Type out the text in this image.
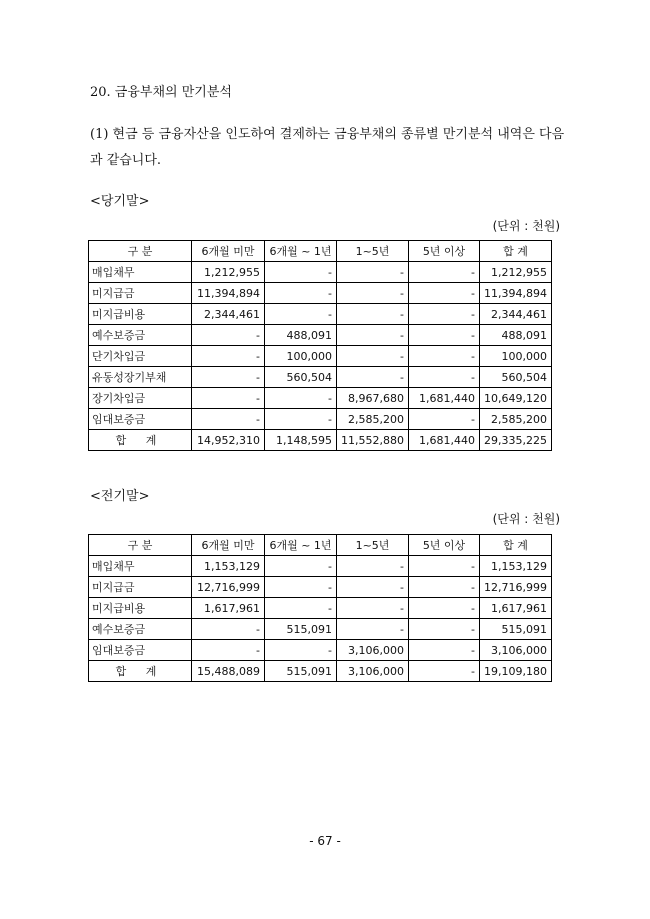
20. 금융부채의 만기분석
(1) 현금 등 금융자산을 인도하여 결제하는 금융부채의 종류별 만기분석 내역은 다음과 같습니다.
<당기말>
(단위 : 천원)
구 분	6개월 미만	6개월 ~ 1년	1~5년	5년 이상	합 계
매입채무	1,212,955	-	-	-	1,212,955
미지급금	11,394,894	-	-	-	11,394,894
미지급비용	2,344,461	-	-	-	2,344,461
예수보증금	-	488,091	-	-	488,091
단기차입금	-	100,000	-	-	100,000
유동성장기부채	-	560,504	-	-	560,504
장기차입금	-	-	8,967,680	1,681,440	10,649,120
임대보증금	-	-	2,585,200	-	2,585,200
합 계	14,952,310	1,148,595	11,552,880	1,681,440	29,335,225
<전기말>
(단위 : 천원)
구 분	6개월 미만	6개월 ~ 1년	1~5년	5년 이상	합 계
매입채무	1,153,129	-	-	-	1,153,129
미지급금	12,716,999	-	-	-	12,716,999
미지급비용	1,617,961	-	-	-	1,617,961
예수보증금	-	515,091	-	-	515,091
임대보증금	-	-	3,106,000	-	3,106,000
합 계	15,488,089	515,091	3,106,000	-	19,109,180
- 67 -
